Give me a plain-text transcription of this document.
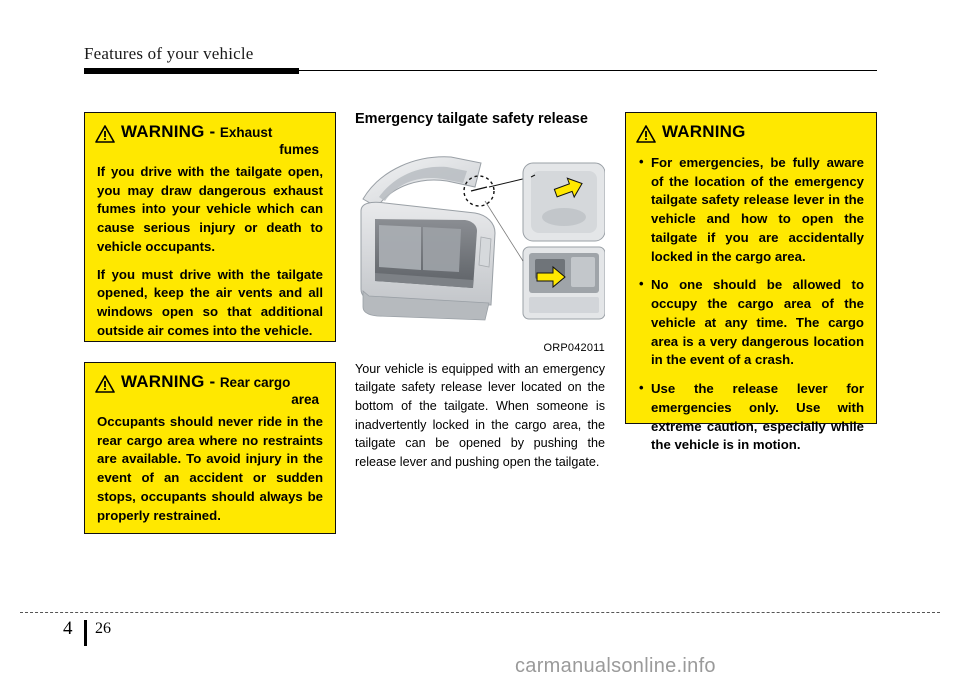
Features of your vehicle
WARNING - Exhaust
fumes

If you drive with the tailgate open, you may draw dangerous exhaust fumes into your vehicle which can cause serious injury or death to vehicle occupants.

If you must drive with the tailgate opened, keep the air vents and all windows open so that additional outside air comes into the vehicle.

WARNING - Rear cargo
area

Occupants should never ride in the rear cargo area where no restraints are available. To avoid injury in the event of an accident or sudden stops, occupants should always be properly restrained.

Emergency tailgate safety release
ORP042011

Your vehicle is equipped with an emergency tailgate safety release lever located on the bottom of the tailgate. When someone is inadvertently locked in the cargo area, the tailgate can be opened by pushing the release lever and pushing open the tailgate.

WARNING
• For emergencies, be fully aware of the location of the emergency tailgate safety release lever in the vehicle and how to open the tailgate if you are accidentally locked in the cargo area.
• No one should be allowed to occupy the cargo area of the vehicle at any time. The cargo area is a very dangerous location in the event of a crash.
• Use the release lever for emergencies only. Use with extreme caution, especially while the vehicle is in motion.
4 26
carmanualsonline.info
